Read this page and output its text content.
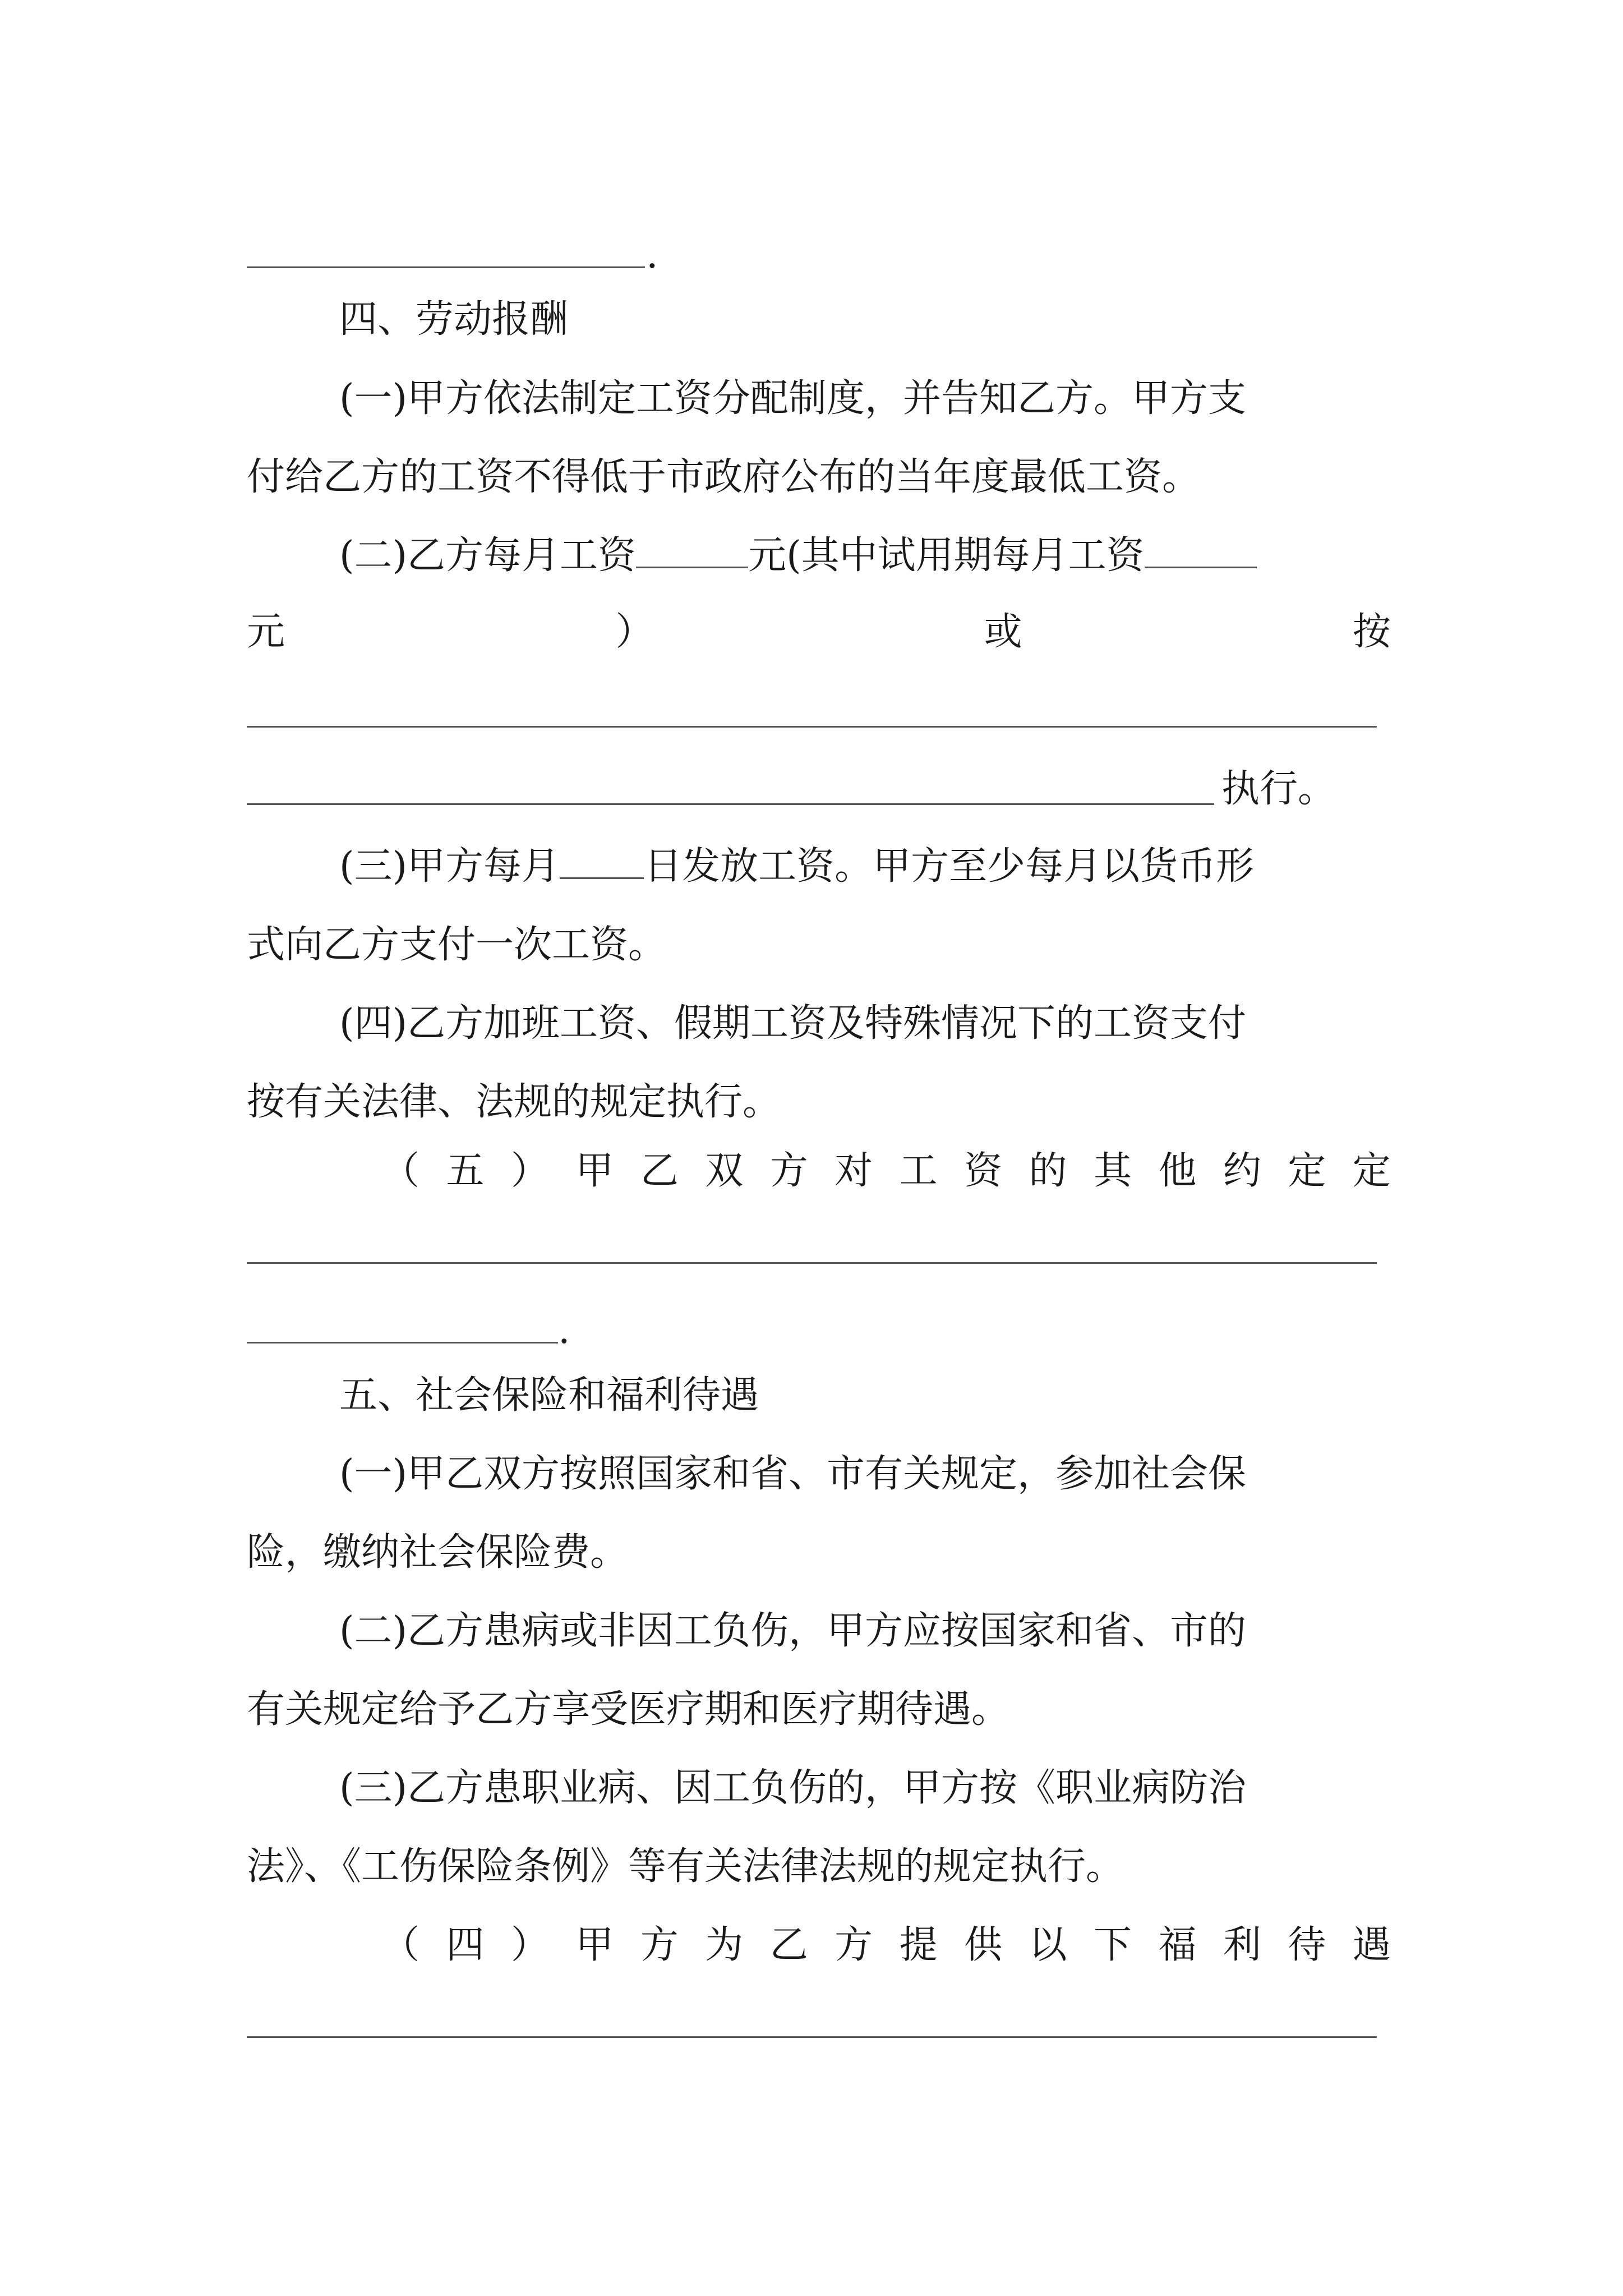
.
四、劳动报酬
(一)甲方依法制定工资分配制度，并告知乙方。甲方支
付给乙方的工资不得低于市政府公布的当年度最低工资。
(二)乙方每月工资	元(其中试用期每月工资
元	）	或	按
执行。
(三)甲方每月 日发放工资。甲方至少每月以货币形
式向乙方支付一次工资。
(四)乙方加班工资、假期工资及特殊情况下的工资支付
按有关法律、法规的规定执行。
（ 五 ） 甲 乙 双 方 对 工 资 的 其 他 约 定 定
.
五、社会保险和福利待遇
(一)甲乙双方按照国家和省、市有关规定，参加社会保
险，缴纳社会保险费。
(二)乙方患病或非因工负伤，甲方应按国家和省、市的
有关规定给予乙方享受医疗期和医疗期待遇。
(三)乙方患职业病、因工负伤的，甲方按《职业病防治
法》、《工伤保险条例》等有关法律法规的规定执行。
（ 四 ） 甲 方 为 乙 方 提 供 以 下 福 利 待 遇
